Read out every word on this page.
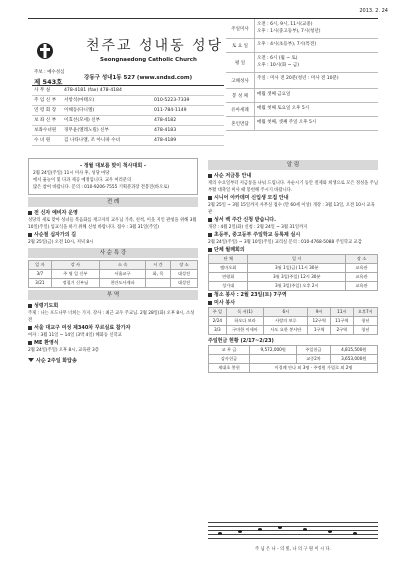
2013. 2. 24
주보 : 예수성심
제 543호
천주교 성내동 성당
Seongnaedong Catholic Church
강동구 성내1동 527 (www.sndsd.com)
사 무 실	478-4181 (fax) 478-4184
주 임 신 부	서항석(마태오)	010-5223-7339
연 령 회 장	이해동(다니엘)	011-784-1149
보 좌 신 부	이효선(모세) 신부	478-4182
보좌수녀원	경무윤(엘레노릴) 신부	478-4183
수 녀 원	김 나타나엘, 조 아니따 수녀	478-4189
주일미사
오전 : 6시, 9시, 11시(교중)
오후 : 1시(중고등부), 7시(청년)
토 요 일	오후 : 4시(초등부), 7시(특전)
평 일
오전 : 6시 (월 ~ 토)
오후 : 10시(화 ~ 금)
고해성사	주일 : 미사 전 20분(청년 : 미사 전 10분)
봉 성 체	매월 셋째 금요일
유아세례	매월 첫째 토요일 오후 5시
혼인면담	매월 첫째, 셋째 주일 오후 5시
- 정월 대보름 맞이 척사대회 -
2월 24일(주일) 11시 미사 후, 성당 마당
에서 윷놀이 및 다과 제공 예정입니다. 교우 여러분의
많은 참여 바랍니다. 문의 : 010-9206-7555 기획분과장 전봉진(바오로)
전 례
전 신자 예비자 운영
성당의 새로 맞아 성녀들 복음화를 재고자의 교우님 가족, 친척, 이웃 지인 관청을 위해 3월 10일(주일) 입교식을 하기 위해 신청 바랍니다. 접수 : 3월 31일(주일)
사순절 십자가의 길
2월 25일(금) 오전 10시, 저녁 8시
사 순 특 강
일 자	강 사	소 속	시 간	장 소
3/7	주 영 일 신부	서울교구	화, 목	대성전
3/21	정철기 신부님	천안도사재파		대성전
부 역
성령기도회
주제 : 나는 포도나무 너희는 가지. 강사 : 최근 교우 주교님. 2월 28일(화) 오후 8시, 소성전
서울 대교구 여성 제340차 꾸르실료 참가자
여자 : 3월 11일 ~ 14일 (3박 4일) 혜화동 신학교
ME 환영식
2월 24일(주일) 오후 8시, 교육관 3층
사순 2주일 화답송
알 림
사순 저금통 안내
재의 수요일부터 저금통을 나눠 드립니다. 사순시기 동안 절제와 희생으로 모은 정성을 주님 부활 대축일 미사 때 봉헌해 주시기 바랍니다.
시니어 아카데미 신입생 모집 안내
2월 25일 ~ 3월 15일까지 사무실 접수 (만 60세 이상) 개강 : 3월 13일, 오전 10시 교육관
성서 백 주간 신청 받습니다.
개강 : 4월 2일(화) 신청 : 2월 24일 ~ 3월 31일까지
초등부, 중고등부 주일학교 등록제 실시
2월 24일(주일) ~ 3월 10일(주일) 교리실 문의 : 010-4768-5088 주일학교 교감
단체 월례회의
단 체	일 시	장 소
엠마오회	3월 1일(금) 11시 30분	교육관
연령회	3월 3일(주일) 12시 30분	교육관
성가대	3월 3일(주일) 오후 2시	교육관
청소 봉사 : 2월 23일(토) 7구역
미사 봉사
주 일	독 서(1)	6시	9시	11시	오후7시
2/24	하오다 보라	사랑의 보루	12구역	11구역	청년
3/3	구마한 이세아	사도 요한 봉사단	1구역	2구역	청년
주일헌금 현황 (2/17~2/23)
교 무 금	9,572,000원	주일헌금	4,815,500원
감사헌금		교중2차	3,653,000원
제대초 봉헌	이경례 안나 외 3명 · 주정원 가밀로 외 2명		
주 님 은 나 - 의 빛, 나 의 구 원 이 시 다.
